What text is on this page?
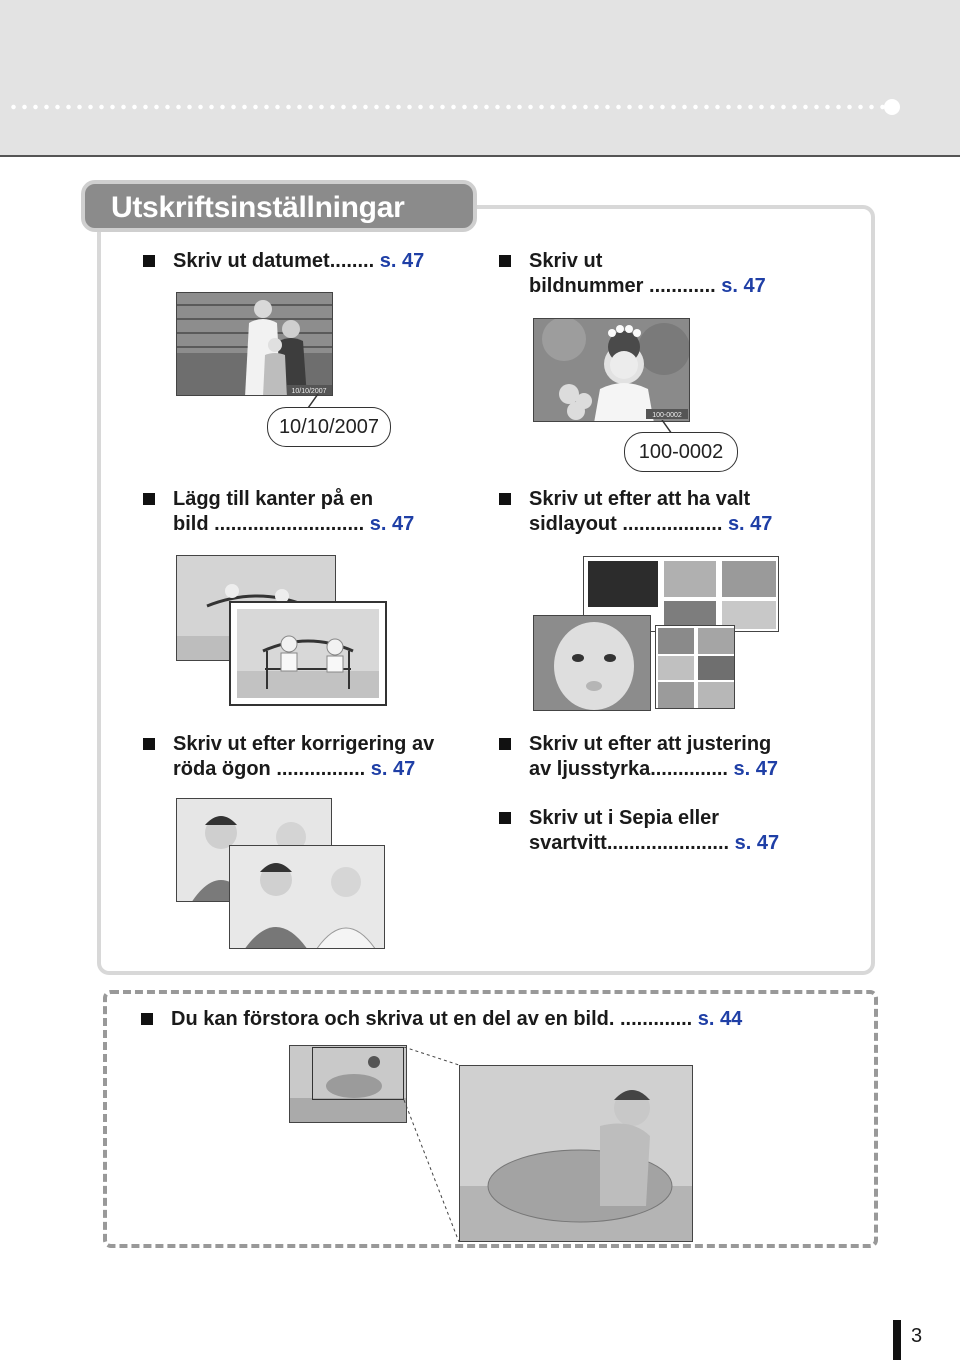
Utskriftsinställningar
Skriv ut datumet........ s. 47
10/10/2007
10/10/2007
Skriv ut
bildnummer ............ s. 47
100-0002
100-0002
Lägg till kanter på en
bild ........................... s. 47
Skriv ut efter att ha valt
sidlayout .................. s. 47
Skriv ut efter korrigering av
röda ögon ................ s. 47
Skriv ut efter att justering
av ljusstyrka.............. s. 47
Skriv ut i Sepia eller
svartvitt...................... s. 47
Du kan förstora och skriva ut en del av en bild. ............. s. 44
3
